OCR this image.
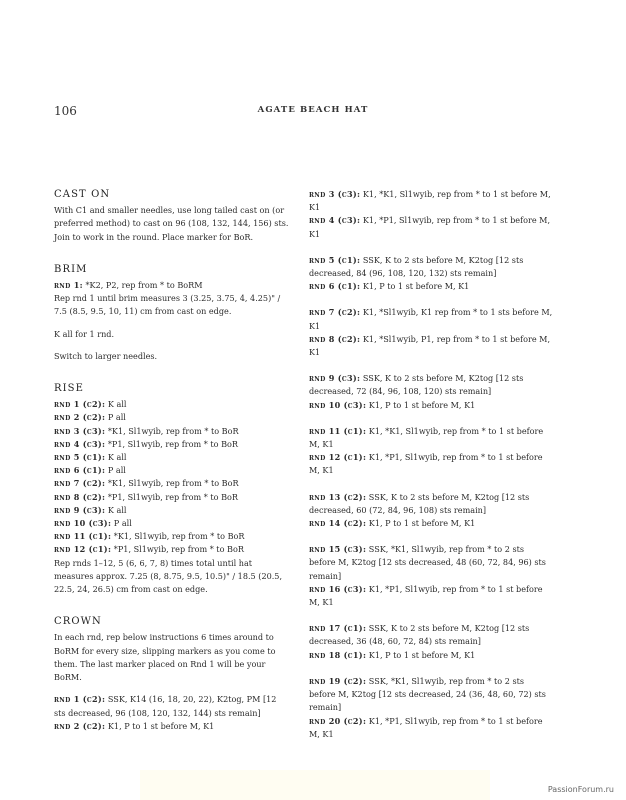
106	AGATE BEACH HAT
CAST ON

With C1 and smaller needles, use long tailed cast on (or preferred method) to cast on 96 (108, 132, 144, 156) sts. Join to work in the round. Place marker for BoR.

BRIM

rnd 1: *K2, P2, rep from * to BoRM

Rep rnd 1 until brim measures 3 (3.25, 3.75, 4, 4.25)" / 7.5 (8.5, 9.5, 10, 11) cm from cast on edge.

K all for 1 rnd.

Switch to larger needles.

RISE

rnd 1 (c2): K all

rnd 2 (c2): P all

rnd 3 (c3): *K1, Sl1wyib, rep from * to BoR

rnd 4 (c3): *P1, Sl1wyib, rep from * to BoR

rnd 5 (c1): K all

rnd 6 (c1): P all

rnd 7 (c2): *K1, Sl1wyib, rep from * to BoR

rnd 8 (c2): *P1, Sl1wyib, rep from * to BoR

rnd 9 (c3): K all

rnd 10 (c3): P all

rnd 11 (c1): *K1, Sl1wyib, rep from * to BoR

rnd 12 (c1): *P1, Sl1wyib, rep from * to BoR

Rep rnds 1–12, 5 (6, 6, 7, 8) times total until hat measures approx. 7.25 (8, 8.75, 9.5, 10.5)" / 18.5 (20.5, 22.5, 24, 26.5) cm from cast on edge.

CROWN

In each rnd, rep below instructions 6 times around to BoRM for every size, slipping markers as you come to them. The last marker placed on Rnd 1 will be your BoRM.

rnd 1 (c2): SSK, K14 (16, 18, 20, 22), K2tog, PM [12 sts decreased, 96 (108, 120, 132, 144) sts remain]

rnd 2 (c2): K1, P to 1 st before M, K1

rnd 3 (c3): K1, *K1, Sl1wyib, rep from * to 1 st before M, K1

rnd 4 (c3): K1, *P1, Sl1wyib, rep from * to 1 st before M, K1

rnd 5 (c1): SSK, K to 2 sts before M, K2tog [12 sts decreased, 84 (96, 108, 120, 132) sts remain]

rnd 6 (c1): K1, P to 1 st before M, K1

rnd 7 (c2): K1, *Sl1wyib, K1 rep from * to 1 sts before M, K1

rnd 8 (c2): K1, *Sl1wyib, P1, rep from * to 1 st before M, K1

rnd 9 (c3): SSK, K to 2 sts before M, K2tog [12 sts decreased, 72 (84, 96, 108, 120) sts remain]

rnd 10 (c3): K1, P to 1 st before M, K1

rnd 11 (c1): K1, *K1, Sl1wyib, rep from * to 1 st before M, K1

rnd 12 (c1): K1, *P1, Sl1wyib, rep from * to 1 st before M, K1

rnd 13 (c2): SSK, K to 2 sts before M, K2tog [12 sts decreased, 60 (72, 84, 96, 108) sts remain]

rnd 14 (c2): K1, P to 1 st before M, K1

rnd 15 (c3): SSK, *K1, Sl1wyib, rep from * to 2 sts before M, K2tog [12 sts decreased, 48 (60, 72, 84, 96) sts remain]

rnd 16 (c3): K1, *P1, Sl1wyib, rep from * to 1 st before M, K1

rnd 17 (c1): SSK, K to 2 sts before M, K2tog [12 sts decreased, 36 (48, 60, 72, 84) sts remain]

rnd 18 (c1): K1, P to 1 st before M, K1

rnd 19 (c2): SSK, *K1, Sl1wyib, rep from * to 2 sts before M, K2tog [12 sts decreased, 24 (36, 48, 60, 72) sts remain]

rnd 20 (c2): K1, *P1, Sl1wyib, rep from * to 1 st before M, K1

PassionForum.ru
